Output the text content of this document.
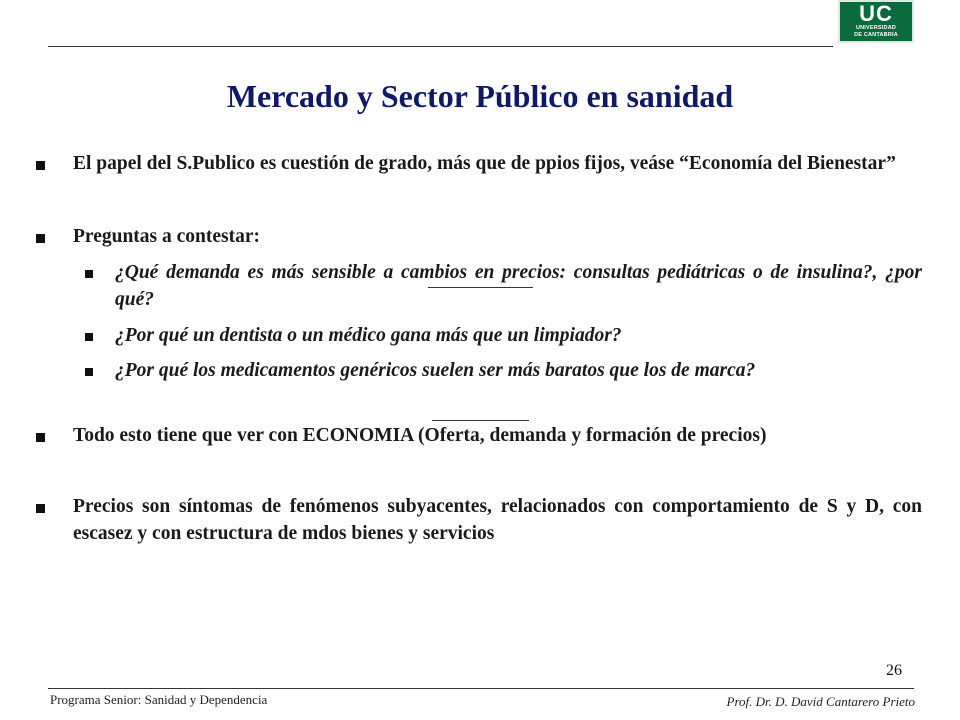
UC
UNIVERSIDAD
DE CANTABRIA
Mercado y Sector Público en sanidad
El papel del S.Publico es cuestión de grado, más que de ppios fijos, veáse “Economía del Bienestar”
Preguntas a contestar:
¿Qué demanda es más sensible a cambios en precios: consultas pediátricas o de insulina?, ¿por qué?
¿Por qué un dentista o un médico gana más que un limpiador?
¿Por qué los medicamentos genéricos suelen ser más baratos que los de marca?
Todo esto tiene que ver con ECONOMIA (Oferta, demanda y formación de precios)
Precios son síntomas de fenómenos subyacentes, relacionados con comportamiento de S y D, con escasez y con estructura de mdos bienes y servicios
26
Programa Senior: Sanidad y Dependencia	Prof. Dr. D. David Cantarero Prieto
